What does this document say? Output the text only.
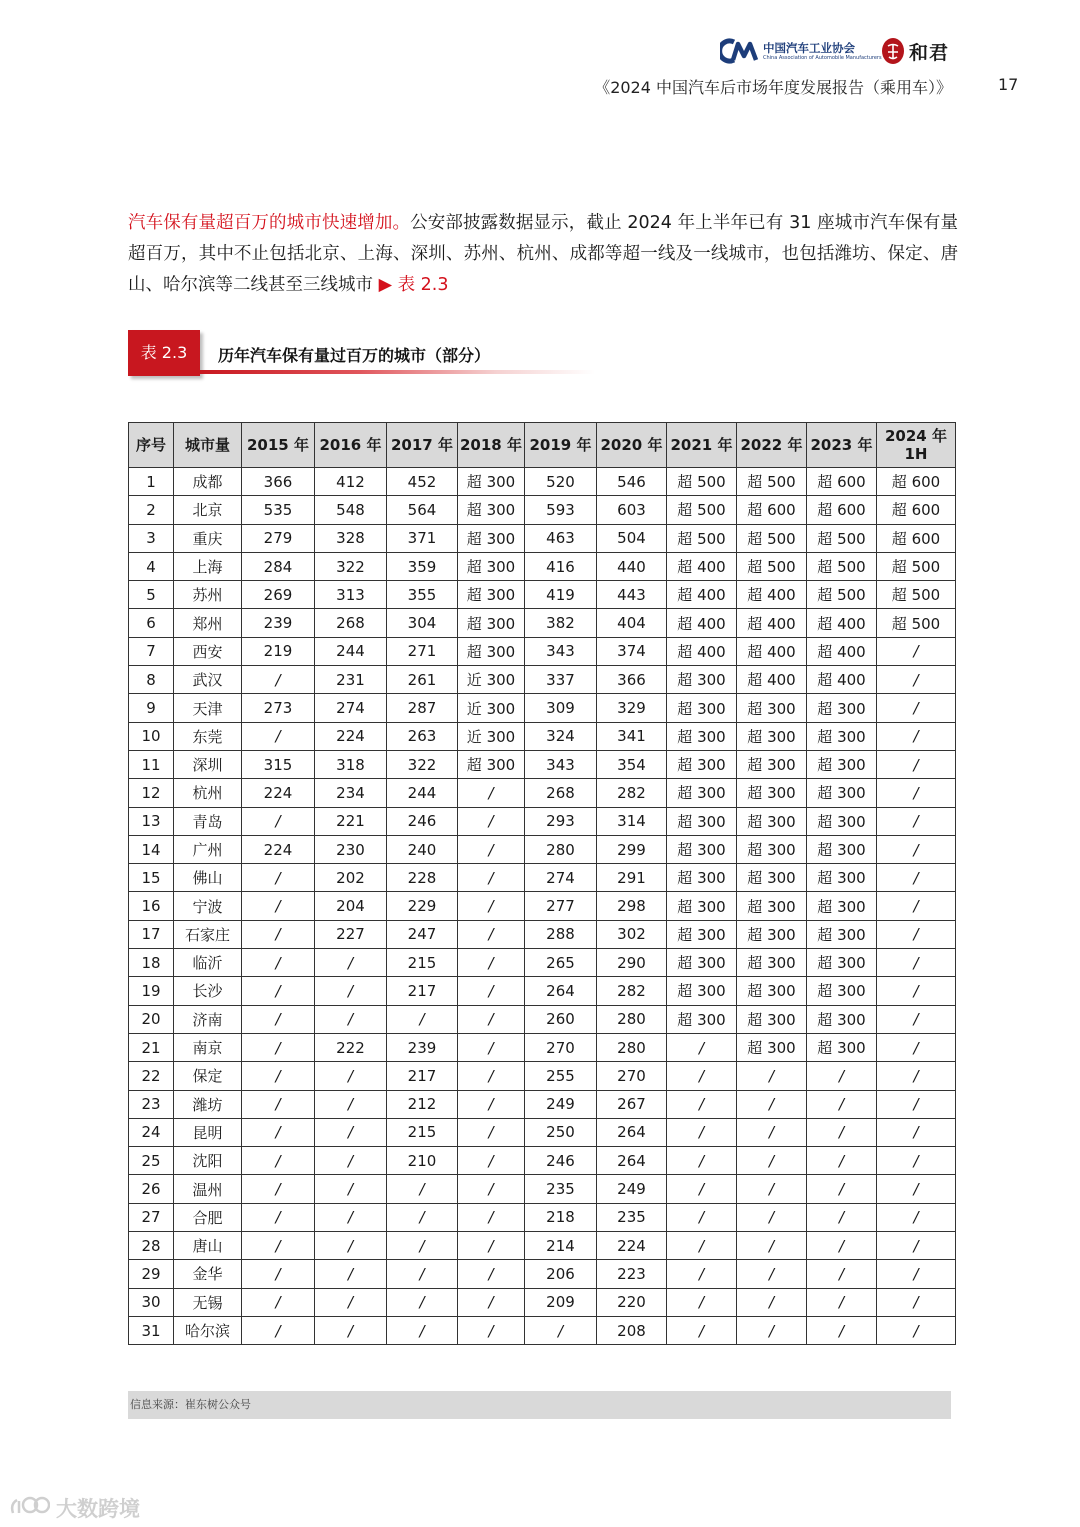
中国汽车工业协会
China Association of Automobile Manufacturers 和君
《2024 中国汽车后市场年度发展报告（乘用车）》	17
汽车保有量超百万的城市快速增加。公安部披露数据显示，截止 2024 年上半年已有 31 座城市汽车保有量超百万，其中不止包括北京、上海、深圳、苏州、杭州、成都等超一线及一线城市，也包括潍坊、保定、唐山、哈尔滨等二线甚至三线城市 ▶ 表 2.3
表 2.3	历年汽车保有量过百万的城市（部分）
序号	城市量	2015 年	2016 年	2017 年	2018 年	2019 年	2020 年	2021 年	2022 年	2023 年	2024 年 1H
1	成都	366	412	452	超 300	520	546	超 500	超 500	超 600	超 600
2	北京	535	548	564	超 300	593	603	超 500	超 600	超 600	超 600
3	重庆	279	328	371	超 300	463	504	超 500	超 500	超 500	超 600
4	上海	284	322	359	超 300	416	440	超 400	超 500	超 500	超 500
5	苏州	269	313	355	超 300	419	443	超 400	超 400	超 500	超 500
6	郑州	239	268	304	超 300	382	404	超 400	超 400	超 400	超 500
7	西安	219	244	271	超 300	343	374	超 400	超 400	超 400	/
8	武汉	/	231	261	近 300	337	366	超 300	超 400	超 400	/
9	天津	273	274	287	近 300	309	329	超 300	超 300	超 300	/
10	东莞	/	224	263	近 300	324	341	超 300	超 300	超 300	/
11	深圳	315	318	322	超 300	343	354	超 300	超 300	超 300	/
12	杭州	224	234	244	/	268	282	超 300	超 300	超 300	/
13	青岛	/	221	246	/	293	314	超 300	超 300	超 300	/
14	广州	224	230	240	/	280	299	超 300	超 300	超 300	/
15	佛山	/	202	228	/	274	291	超 300	超 300	超 300	/
16	宁波	/	204	229	/	277	298	超 300	超 300	超 300	/
17	石家庄	/	227	247	/	288	302	超 300	超 300	超 300	/
18	临沂	/	/	215	/	265	290	超 300	超 300	超 300	/
19	长沙	/	/	217	/	264	282	超 300	超 300	超 300	/
20	济南	/	/	/	/	260	280	超 300	超 300	超 300	/
21	南京	/	222	239	/	270	280	/	超 300	超 300	/
22	保定	/	/	217	/	255	270	/	/	/	/
23	潍坊	/	/	212	/	249	267	/	/	/	/
24	昆明	/	/	215	/	250	264	/	/	/	/
25	沈阳	/	/	210	/	246	264	/	/	/	/
26	温州	/	/	/	/	235	249	/	/	/	/
27	合肥	/	/	/	/	218	235	/	/	/	/
28	唐山	/	/	/	/	214	224	/	/	/	/
29	金华	/	/	/	/	206	223	/	/	/	/
30	无锡	/	/	/	/	209	220	/	/	/	/
31	哈尔滨	/	/	/	/	/	208	/	/	/	/
信息来源：崔东树公众号
大数跨境
